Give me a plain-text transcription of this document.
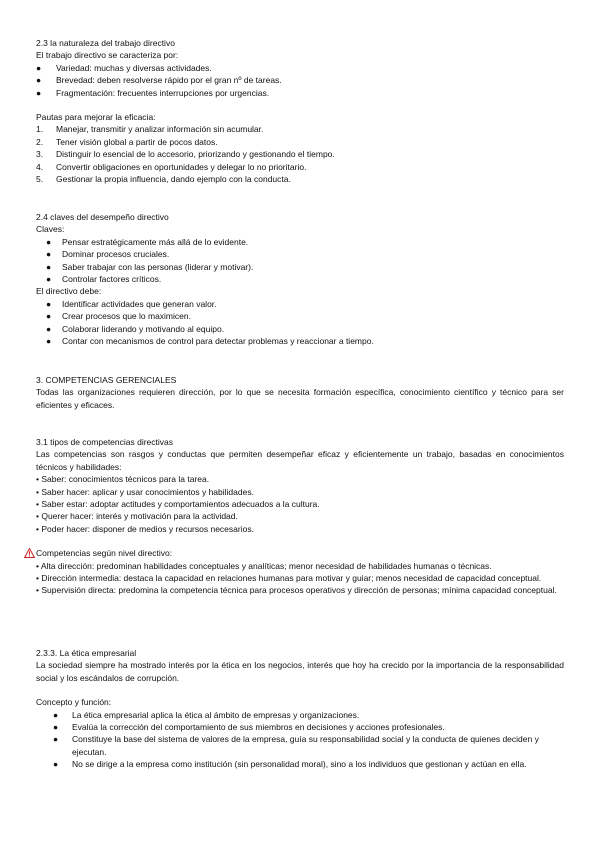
2.3 la naturaleza del trabajo directivo

El trabajo directivo se caracteriza por:

●	Variedad: muchas y diversas actividades.
●	Brevedad: deben resolverse rápido por el gran nº de tareas.
●	Fragmentación: frecuentes interrupciones por urgencias.

Pautas para mejorar la eficacia:

1.	Manejar, transmitir y analizar información sin acumular.
2.	Tener visión global a partir de pocos datos.
3.	Distinguir lo esencial de lo accesorio, priorizando y gestionando el tiempo.
4.	Convertir obligaciones en oportunidades y delegar lo no prioritario.
5.	Gestionar la propia influencia, dando ejemplo con la conducta.

2.4 claves del desempeño directivo

Claves:

●	Pensar estratégicamente más allá de lo evidente.
●	Dominar procesos cruciales.
●	Saber trabajar con las personas (liderar y motivar).
●	Controlar factores críticos.

El directivo debe:

●	Identificar actividades que generan valor.
●	Crear procesos que lo maximicen.
●	Colaborar liderando y motivando al equipo.
●	Contar con mecanismos de control para detectar problemas y reaccionar a tiempo.

3. COMPETENCIAS GERENCIALES

Todas las organizaciones requieren dirección, por lo que se necesita formación específica, conocimiento científico y técnico para ser eficientes y eficaces.

3.1 tipos de competencias directivas

Las competencias son rasgos y conductas que permiten desempeñar eficaz y eficientemente un trabajo, basadas en conocimientos técnicos y habilidades:

• Saber: conocimientos técnicos para la tarea.

• Saber hacer: aplicar y usar conocimientos y habilidades.

• Saber estar: adoptar actitudes y comportamientos adecuados a la cultura.

• Querer hacer: interés y motivación para la actividad.

• Poder hacer: disponer de medios y recursos necesarios.

Competencias según nivel directivo:

• Alta dirección: predominan habilidades conceptuales y analíticas; menor necesidad de habilidades humanas o técnicas.

• Dirección intermedia: destaca la capacidad en relaciones humanas para motivar y guiar; menos necesidad de capacidad conceptual.

• Supervisión directa: predomina la competencia técnica para procesos operativos y dirección de personas; mínima capacidad conceptual.

2.3.3. La ética empresarial

La sociedad siempre ha mostrado interés por la ética en los negocios, interés que hoy ha crecido por la importancia de la responsabilidad social y los escándalos de corrupción.

Concepto y función:

●	La ética empresarial aplica la ética al ámbito de empresas y organizaciones.
●	Evalúa la corrección del comportamiento de sus miembros en decisiones y acciones profesionales.
●	Constituye la base del sistema de valores de la empresa, guía su responsabilidad social y la conducta de quienes deciden y ejecutan.
●	No se dirige a la empresa como institución (sin personalidad moral), sino a los individuos que gestionan y actúan en ella.
